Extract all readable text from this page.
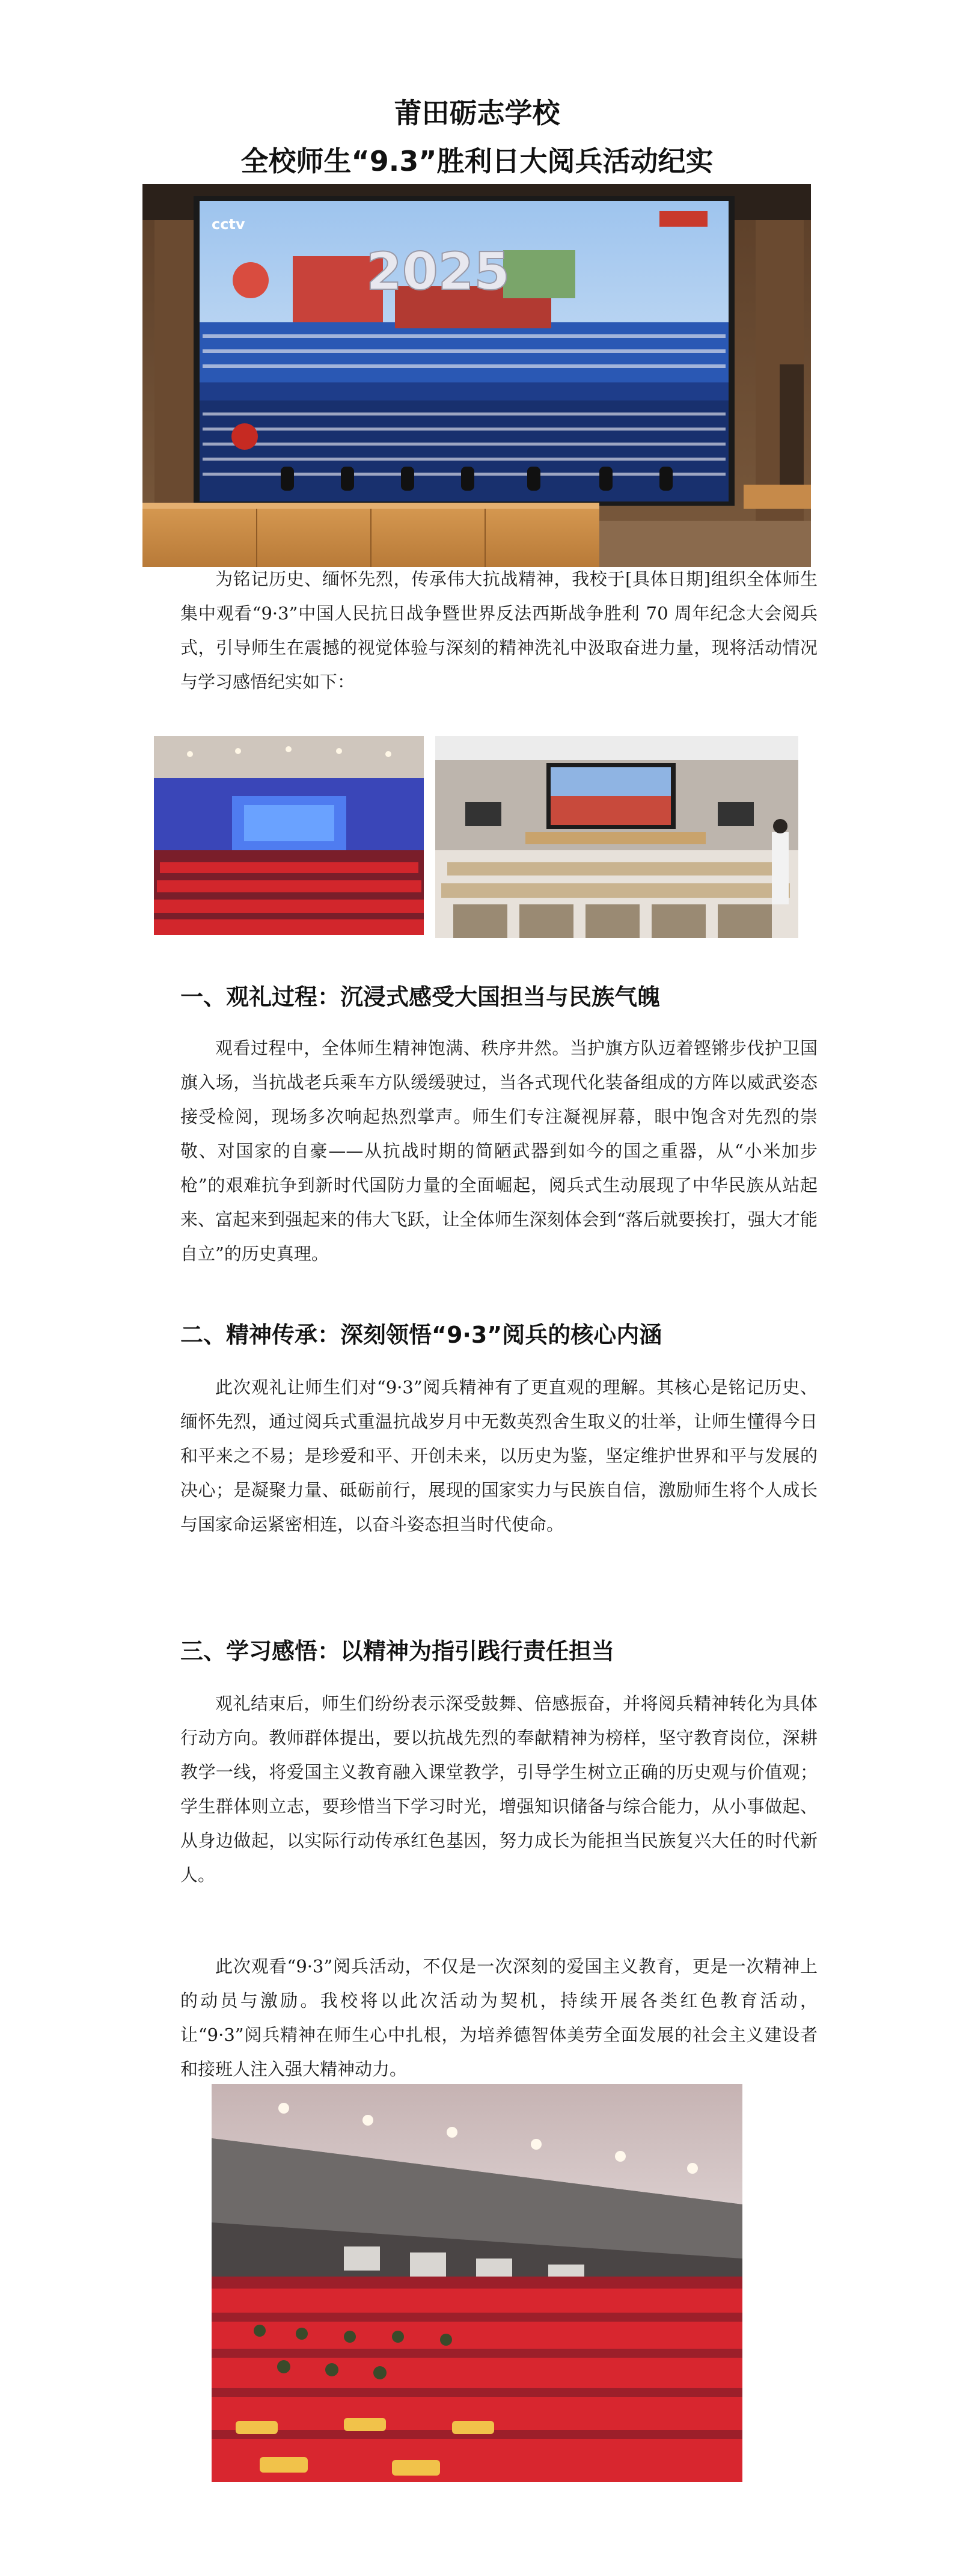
莆田砺志学校
全校师生“9.3”胜利日大阅兵活动纪实
2025
cctv

为铭记历史、缅怀先烈，传承伟大抗战精神，我校于[具体日期]组织全体师生集中观看“9·3”中国人民抗日战争暨世界反法西斯战争胜利 70 周年纪念大会阅兵式，引导师生在震撼的视觉体验与深刻的精神洗礼中汲取奋进力量，现将活动情况与学习感悟纪实如下：

一、观礼过程：沉浸式感受大国担当与民族气魄

观看过程中，全体师生精神饱满、秩序井然。当护旗方队迈着铿锵步伐护卫国旗入场，当抗战老兵乘车方队缓缓驶过，当各式现代化装备组成的方阵以威武姿态接受检阅，现场多次响起热烈掌声。师生们专注凝视屏幕，眼中饱含对先烈的崇敬、对国家的自豪——从抗战时期的简陋武器到如今的国之重器，从“小米加步枪”的艰难抗争到新时代国防力量的全面崛起，阅兵式生动展现了中华民族从站起来、富起来到强起来的伟大飞跃，让全体师生深刻体会到“落后就要挨打，强大才能自立”的历史真理。

二、精神传承：深刻领悟“9·3”阅兵的核心内涵

此次观礼让师生们对“9·3”阅兵精神有了更直观的理解。其核心是铭记历史、缅怀先烈，通过阅兵式重温抗战岁月中无数英烈舍生取义的壮举，让师生懂得今日和平来之不易；是珍爱和平、开创未来，以历史为鉴，坚定维护世界和平与发展的决心；是凝聚力量、砥砺前行，展现的国家实力与民族自信，激励师生将个人成长与国家命运紧密相连，以奋斗姿态担当时代使命。

三、学习感悟：以精神为指引践行责任担当

观礼结束后，师生们纷纷表示深受鼓舞、倍感振奋，并将阅兵精神转化为具体行动方向。教师群体提出，要以抗战先烈的奉献精神为榜样，坚守教育岗位，深耕教学一线，将爱国主义教育融入课堂教学，引导学生树立正确的历史观与价值观；学生群体则立志，要珍惜当下学习时光，增强知识储备与综合能力，从小事做起、从身边做起，以实际行动传承红色基因，努力成长为能担当民族复兴大任的时代新人。

此次观看“9·3”阅兵活动，不仅是一次深刻的爱国主义教育，更是一次精神上的动员与激励。我校将以此次活动为契机，持续开展各类红色教育活动，让“9·3”阅兵精神在师生心中扎根，为培养德智体美劳全面发展的社会主义建设者和接班人注入强大精神动力。
